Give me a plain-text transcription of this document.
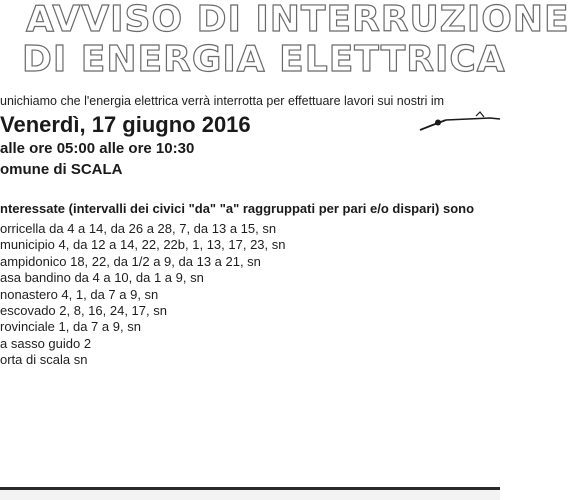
AVVISO DI INTERRUZIONE
DI ENERGIA ELETTRICA
unichiamo che l'energia elettrica verrà interrotta per effettuare lavori sui nostri im
Venerdì, 17 giugno 2016
alle ore 05:00 alle ore 10:30
omune di SCALA
nteressate (intervalli dei civici "da" "a" raggruppati per pari e/o dispari) sono
orricella da 4 a 14, da 26 a 28, 7, da 13 a 15, sn
municipio 4, da 12 a 14, 22, 22b, 1, 13, 17, 23, sn
ampidonico 18, 22, da 1/2 a 9, da 13 a 21, sn
asa bandino da 4 a 10, da 1 a 9, sn
nonastero 4, 1, da 7 a 9, sn
escovado 2, 8, 16, 24, 17, sn
rovinciale 1, da 7 a 9, sn
a sasso guido 2
orta di scala sn
